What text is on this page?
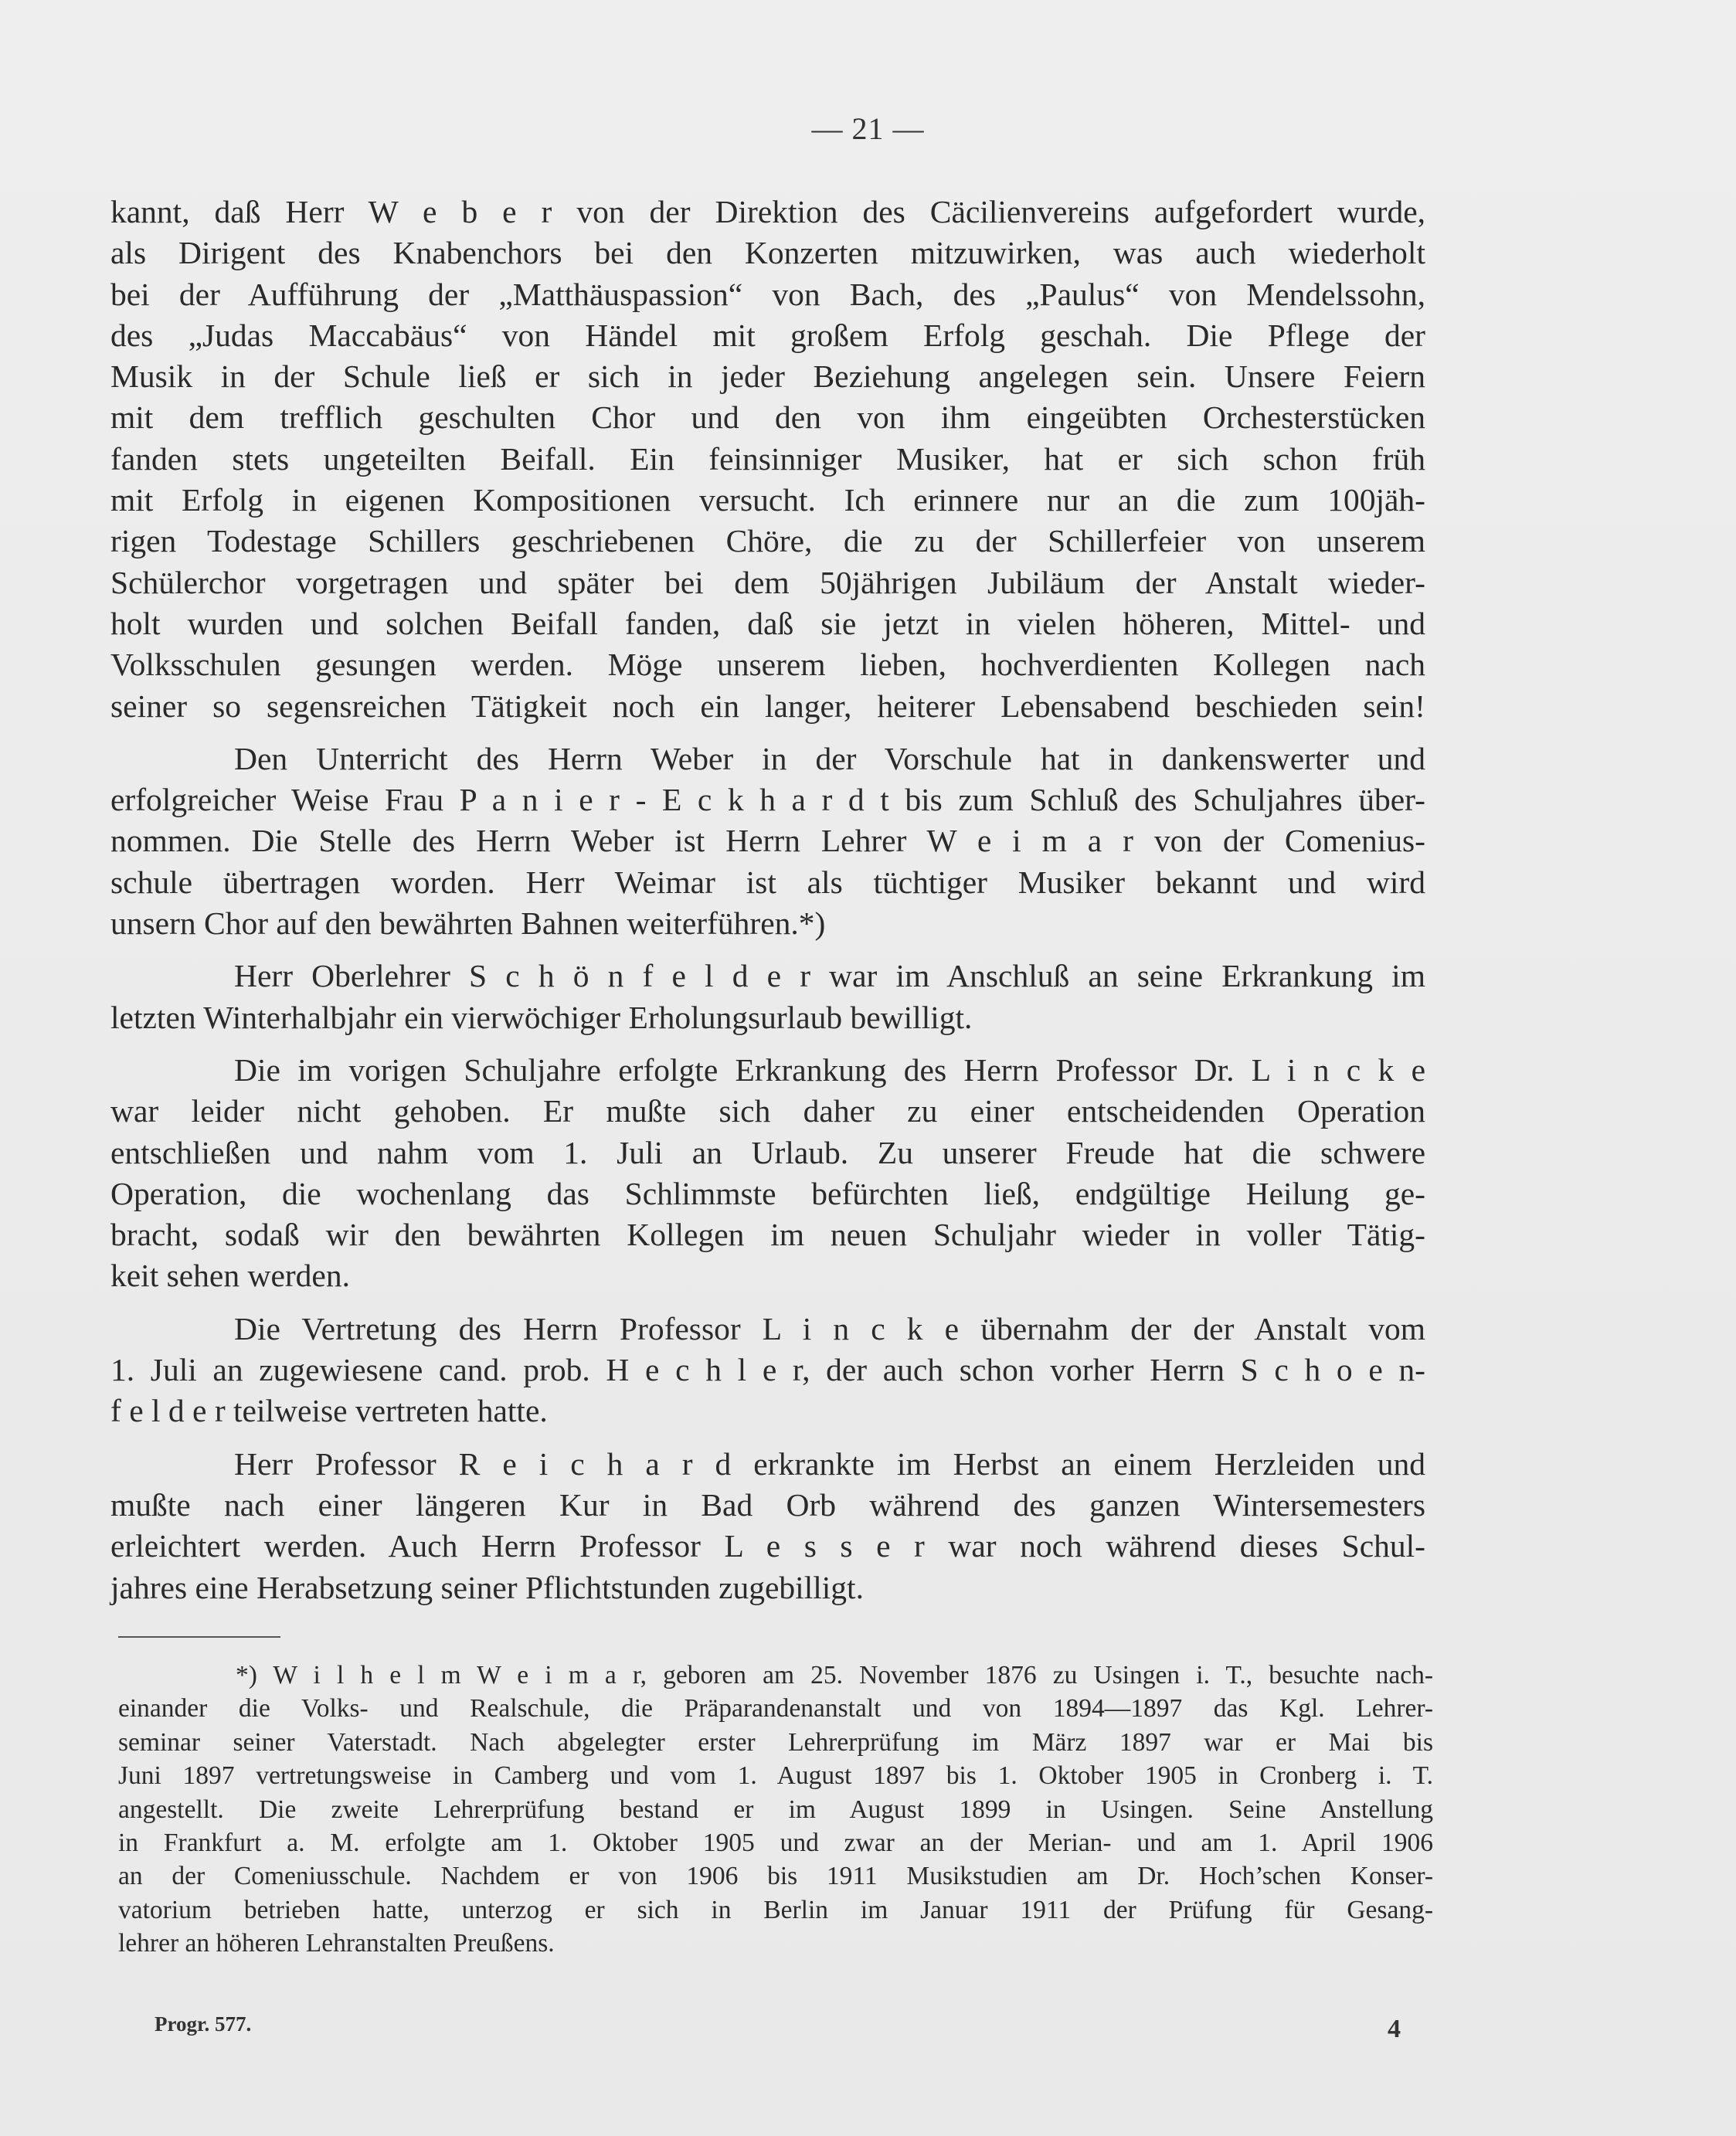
— 21 —
kannt, daß Herr W e b e r von der Direktion des Cäcilienvereins aufgefordert wurde,
als Dirigent des Knabenchors bei den Konzerten mitzuwirken, was auch wiederholt
bei der Aufführung der „Matthäuspassion“ von Bach, des „Paulus“ von Mendelssohn,
des „Judas Maccabäus“ von Händel mit großem Erfolg geschah. Die Pflege der
Musik in der Schule ließ er sich in jeder Beziehung angelegen sein. Unsere Feiern
mit dem trefflich geschulten Chor und den von ihm eingeübten Orchesterstücken
fanden stets ungeteilten Beifall. Ein feinsinniger Musiker, hat er sich schon früh
mit Erfolg in eigenen Kompositionen versucht. Ich erinnere nur an die zum 100jäh-
rigen Todestage Schillers geschriebenen Chöre, die zu der Schillerfeier von unserem
Schülerchor vorgetragen und später bei dem 50jährigen Jubiläum der Anstalt wieder-
holt wurden und solchen Beifall fanden, daß sie jetzt in vielen höheren, Mittel- und
Volksschulen gesungen werden. Möge unserem lieben, hochverdienten Kollegen nach
seiner so segensreichen Tätigkeit noch ein langer, heiterer Lebensabend beschieden sein!
Den Unterricht des Herrn Weber in der Vorschule hat in dankenswerter und
erfolgreicher Weise Frau P a n i e r - E c k h a r d t bis zum Schluß des Schuljahres über-
nommen. Die Stelle des Herrn Weber ist Herrn Lehrer W e i m a r von der Comenius-
schule übertragen worden. Herr Weimar ist als tüchtiger Musiker bekannt und wird
unsern Chor auf den bewährten Bahnen weiterführen.*)
Herr Oberlehrer S c h ö n f e l d e r war im Anschluß an seine Erkrankung im
letzten Winterhalbjahr ein vierwöchiger Erholungsurlaub bewilligt.
Die im vorigen Schuljahre erfolgte Erkrankung des Herrn Professor Dr. L i n c k e
war leider nicht gehoben. Er mußte sich daher zu einer entscheidenden Operation
entschließen und nahm vom 1. Juli an Urlaub. Zu unserer Freude hat die schwere
Operation, die wochenlang das Schlimmste befürchten ließ, endgültige Heilung ge-
bracht, sodaß wir den bewährten Kollegen im neuen Schuljahr wieder in voller Tätig-
keit sehen werden.
Die Vertretung des Herrn Professor L i n c k e übernahm der der Anstalt vom
1. Juli an zugewiesene cand. prob. H e c h l e r, der auch schon vorher Herrn S c h o e n-
f e l d e r teilweise vertreten hatte.
Herr Professor R e i c h a r d erkrankte im Herbst an einem Herzleiden und
mußte nach einer längeren Kur in Bad Orb während des ganzen Wintersemesters
erleichtert werden. Auch Herrn Professor L e s s e r war noch während dieses Schul-
jahres eine Herabsetzung seiner Pflichtstunden zugebilligt.
*) W i l h e l m W e i m a r, geboren am 25. November 1876 zu Usingen i. T., besuchte nach-
einander die Volks- und Realschule, die Präparandenanstalt und von 1894—1897 das Kgl. Lehrer-
seminar seiner Vaterstadt. Nach abgelegter erster Lehrerprüfung im März 1897 war er Mai bis
Juni 1897 vertretungsweise in Camberg und vom 1. August 1897 bis 1. Oktober 1905 in Cronberg i. T.
angestellt. Die zweite Lehrerprüfung bestand er im August 1899 in Usingen. Seine Anstellung
in Frankfurt a. M. erfolgte am 1. Oktober 1905 und zwar an der Merian- und am 1. April 1906
an der Comeniusschule. Nachdem er von 1906 bis 1911 Musikstudien am Dr. Hoch’schen Konser-
vatorium betrieben hatte, unterzog er sich in Berlin im Januar 1911 der Prüfung für Gesang-
lehrer an höheren Lehranstalten Preußens.
Progr. 577.	4
